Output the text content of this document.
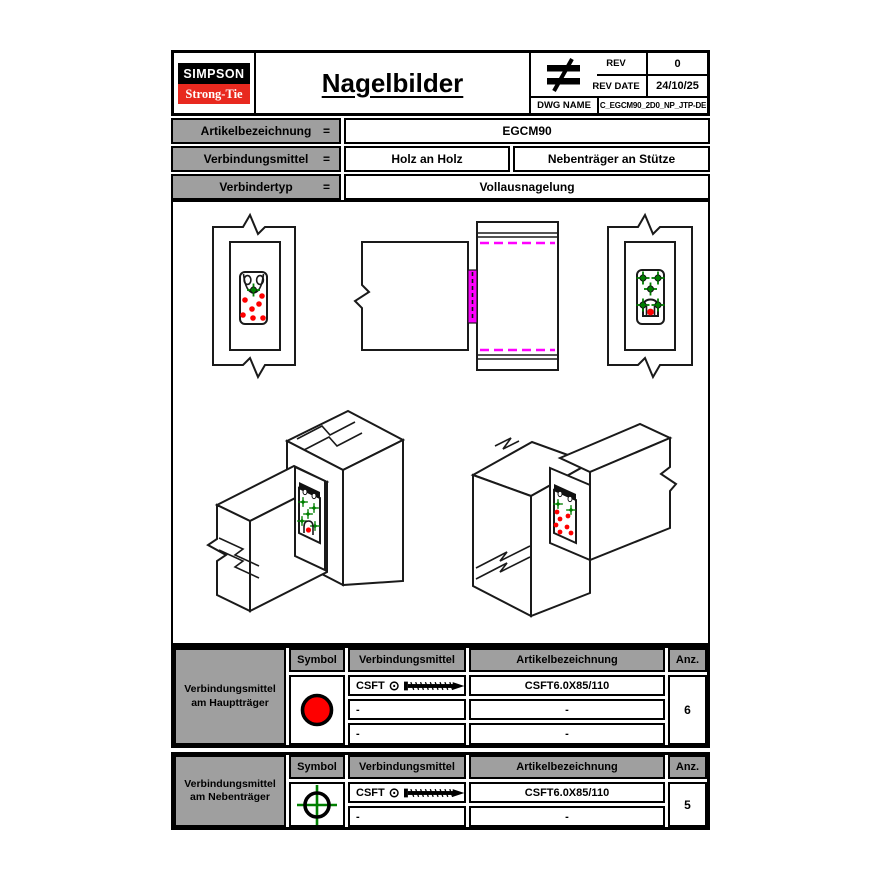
SIMPSON
Strong-Tie	Nagelbilder
REV	0
REV DATE	24/10/25
DWG NAME	C_EGCM90_2D0_NP_JTP-DE
Artikelbezeichnung =	EGCM90
Verbindungsmittel =	Holz an Holz	Nebenträger an Stütze
Verbindertyp	=	Vollausnagelung
Verbindungsmittel am Hauptträger
Symbol	Verbindungsmittel	Artikelbezeichnung	Anz.
CSFT ⊙	CSFT6.0X85/110
-	-
-	-
6
Verbindungsmittel am Nebenträger
Symbol	Verbindungsmittel	Artikelbezeichnung	Anz.
CSFT ⊙	CSFT6.0X85/110
-	-
5
